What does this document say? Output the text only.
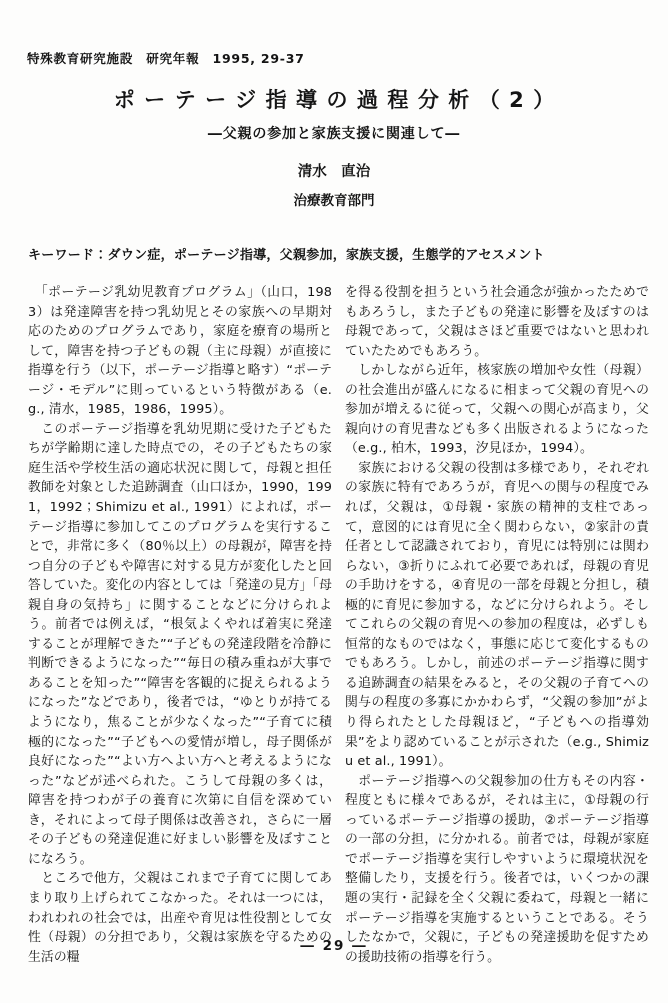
特殊教育研究施設　研究年報　1995, 29-37
ポーテージ指導の過程分析（2）
―父親の参加と家族支援に関連して―
清水　直治
治療教育部門
キーワード：ダウン症，ポーテージ指導，父親参加，家族支援，生態学的アセスメント

　「ポーテージ乳幼児教育プログラム」（山口，1983）は発達障害を持つ乳幼児とその家族への早期対応のためのプログラムであり，家庭を療育の場所として，障害を持つ子どもの親（主に母親）が直接に指導を行う（以下，ポーテージ指導と略す）“ポーテージ・モデル”に則っているという特徴がある（e.g., 清水，1985，1986，1995）。

　このポーテージ指導を乳幼児期に受けた子どもたちが学齢期に達した時点での，その子どもたちの家庭生活や学校生活の適応状況に関して，母親と担任教師を対象とした追跡調査（山口ほか，1990，1991，1992；Shimizu et al., 1991）によれば，ポーテージ指導に参加してこのプログラムを実行することで，非常に多く（80％以上）の母親が，障害を持つ自分の子どもや障害に対する見方が変化したと回答していた。変化の内容としては「発達の見方」「母親自身の気持ち」に関することなどに分けられよう。前者では例えば，“根気よくやれば着実に発達することが理解できた”“子どもの発達段階を冷静に判断できるようになった”“毎日の積み重ねが大事であることを知った”“障害を客観的に捉えられるようになった”などであり，後者では，“ゆとりが持てるようになり，焦ることが少なくなった”“子育てに積極的になった”“子どもへの愛情が増し，母子関係が良好になった”“よい方へよい方へと考えるようになった”などが述べられた。こうして母親の多くは，障害を持つわが子の養育に次第に自信を深めていき，それによって母子関係は改善され，さらに一層その子どもの発達促進に好ましい影響を及ぼすことになろう。

　ところで他方，父親はこれまで子育てに関してあまり取り上げられてこなかった。それは一つには，われわれの社会では，出産や育児は性役割として女性（母親）の分担であり，父親は家族を守るための生活の糧

を得る役割を担うという社会通念が強かったためでもあろうし，また子どもの発達に影響を及ぼすのは母親であって，父親はさほど重要ではないと思われていたためでもあろう。

　しかしながら近年，核家族の増加や女性（母親）の社会進出が盛んになるに相まって父親の育児への参加が増えるに従って，父親への関心が高まり，父親向けの育児書なども多く出版されるようになった（e.g., 柏木，1993，汐見ほか，1994）。

　家族における父親の役割は多様であり，それぞれの家族に特有であろうが，育児への関与の程度でみれば，父親は，①母親・家族の精神的支柱であって，意図的には育児に全く関わらない，②家計の責任者として認識されており，育児には特別には関わらない，③折りにふれて必要であれば，母親の育児の手助けをする，④育児の一部を母親と分担し，積極的に育児に参加する，などに分けられよう。そしてこれらの父親の育児への参加の程度は，必ずしも恒常的なものではなく，事態に応じて変化するものでもあろう。しかし，前述のポーテージ指導に関する追跡調査の結果をみると，その父親の子育てへの関与の程度の多寡にかかわらず，“父親の参加”がより得られたとした母親ほど，“子どもへの指導効果”をより認めていることが示された（e.g., Shimizu et al., 1991）。

　ポーテージ指導への父親参加の仕方もその内容・程度ともに様々であるが，それは主に，①母親の行っているポーテージ指導の援助，②ポーテージ指導の一部の分担，に分かれる。前者では，母親が家庭でポーテージ指導を実行しやすいように環境状況を整備したり，支援を行う。後者では，いくつかの課題の実行・記録を全く父親に委ねて，母親と一緒にポーテージ指導を実施するということである。そうしたなかで，父親に，子どもの発達援助を促すための援助技術の指導を行う。

― 29 ―
